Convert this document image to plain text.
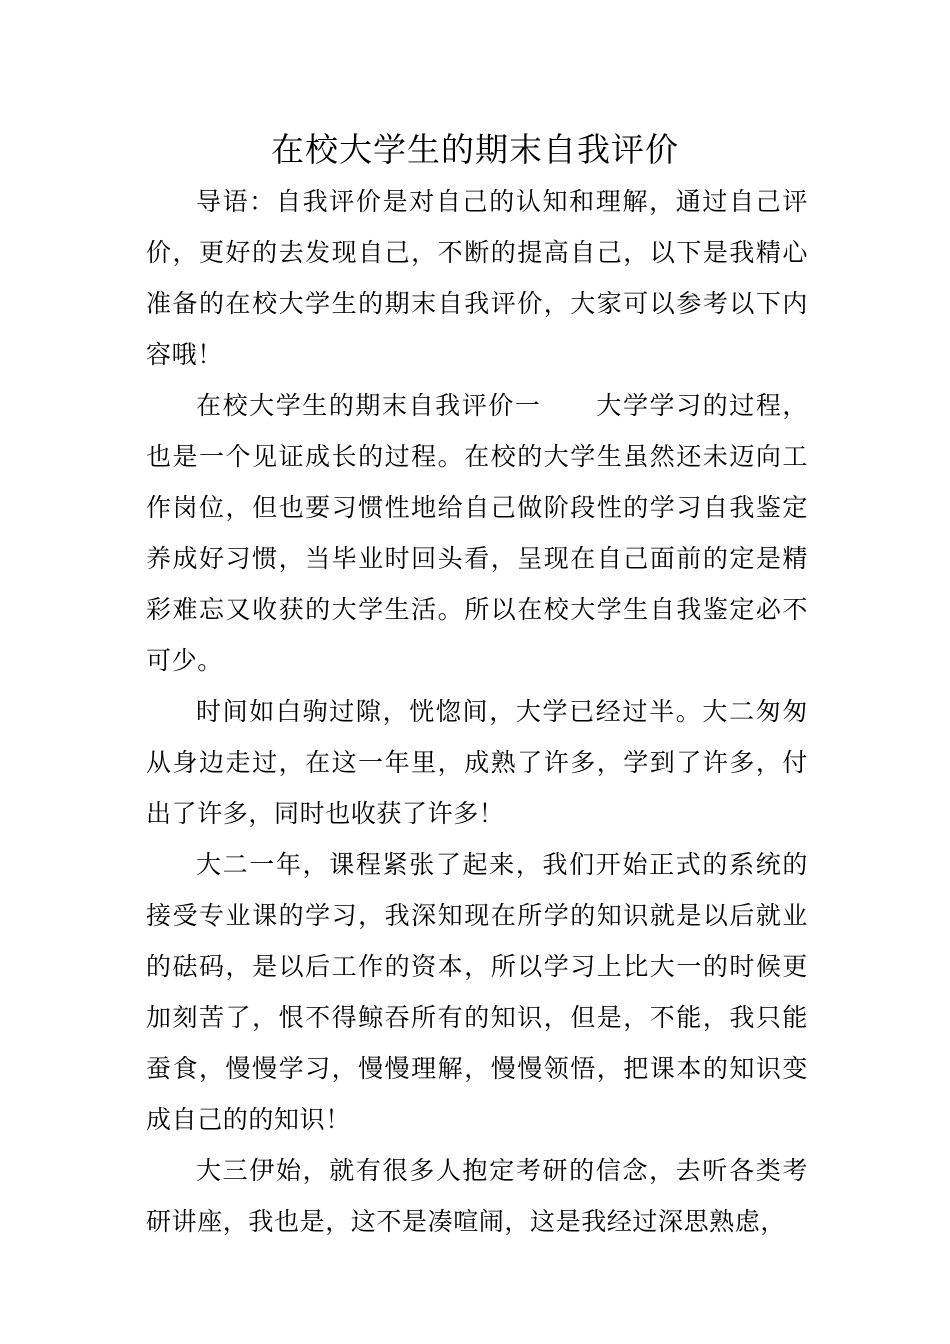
在校大学生的期末自我评价

导语：自我评价是对自己的认知和理解，通过自己评价，更好的去发现自己，不断的提高自己，以下是我精心准备的在校大学生的期末自我评价，大家可以参考以下内容哦！

在校大学生的期末自我评价一 大学学习的过程，也是一个见证成长的过程。在校的大学生虽然还未迈向工作岗位，但也要习惯性地给自己做阶段性的学习自我鉴定养成好习惯，当毕业时回头看，呈现在自己面前的定是精彩难忘又收获的大学生活。所以在校大学生自我鉴定必不可少。

时间如白驹过隙，恍惚间，大学已经过半。大二匆匆从身边走过，在这一年里，成熟了许多，学到了许多，付出了许多，同时也收获了许多！

大二一年，课程紧张了起来，我们开始正式的系统的接受专业课的学习，我深知现在所学的知识就是以后就业的砝码，是以后工作的资本，所以学习上比大一的时候更加刻苦了，恨不得鲸吞所有的知识，但是，不能，我只能蚕食，慢慢学习，慢慢理解，慢慢领悟，把课本的知识变成自己的的知识！

大三伊始，就有很多人抱定考研的信念，去听各类考研讲座，我也是，这不是凑喧闹，这是我经过深思熟虑，
